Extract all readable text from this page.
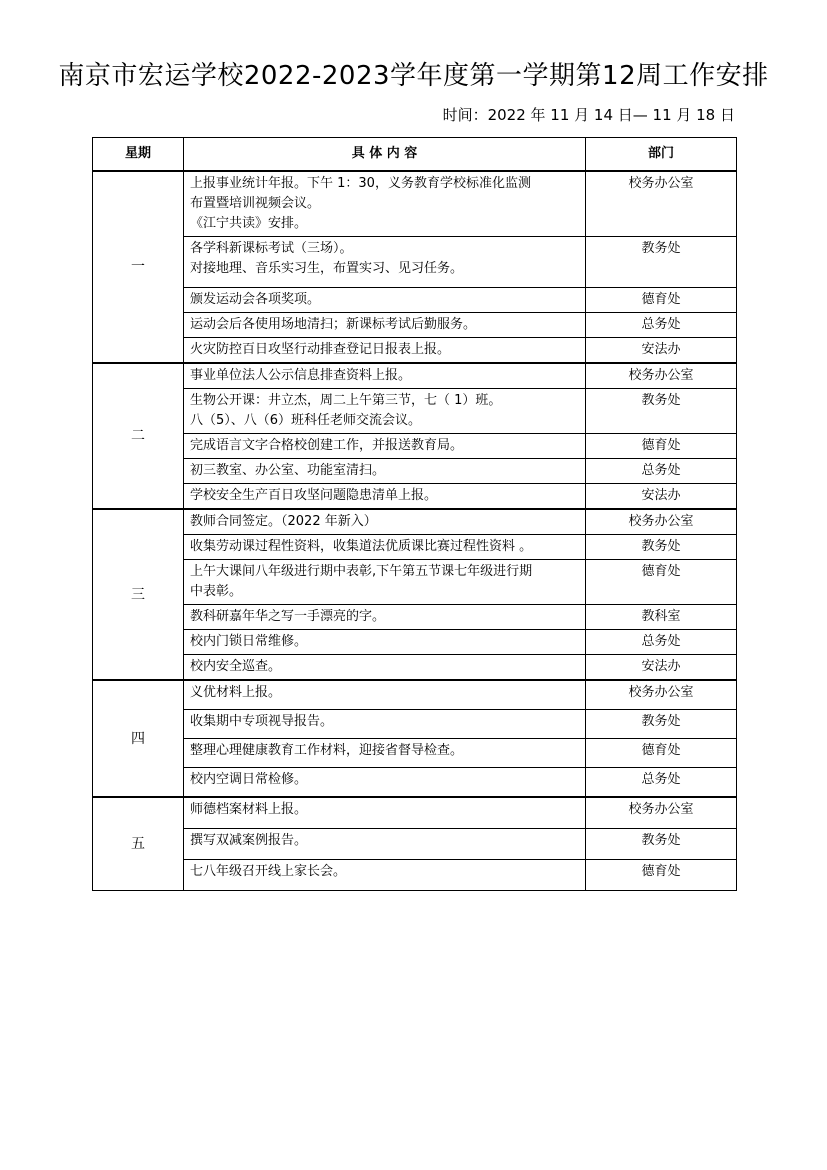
南京市宏运学校2022-2023学年度第一学期第12周工作安排
时间：2022 年 11 月 14 日— 11 月 18 日
星期	具 体 内 容	部门
一	上报事业统计年报。下午 1：30，义务教育学校标准化监测
布置暨培训视频会议。
《江宁共读》安排。	校务办公室

	各学科新课标考试（三场）。
对接地理、音乐实习生，布置实习、见习任务。	教务处

	颁发运动会各项奖项。	德育处

	运动会后各使用场地清扫；新课标考试后勤服务。	总务处

	火灾防控百日攻坚行动排查登记日报表上报。	安法办
二	事业单位法人公示信息排查资料上报。	校务办公室

	生物公开课：井立杰，周二上午第三节，七（ 1）班。
八（5）、八（6）班科任老师交流会议。	教务处

	完成语言文字合格校创建工作，并报送教育局。	德育处

	初三教室、办公室、功能室清扫。	总务处

	学校安全生产百日攻坚问题隐患清单上报。	安法办
三	教师合同签定。（2022 年新入）	校务办公室

	收集劳动课过程性资料，收集道法优质课比赛过程性资料 。	教务处

	上午大课间八年级进行期中表彰,下午第五节课七年级进行期
中表彰。	德育处

	教科研嘉年华之写一手漂亮的字。	教科室

	校内门锁日常维修。	总务处

	校内安全巡查。	安法办
四	义优材料上报。	校务办公室

	收集期中专项视导报告。	教务处

	整理心理健康教育工作材料，迎接省督导检查。	德育处

	校内空调日常检修。	总务处
五	师德档案材料上报。	校务办公室

	撰写双减案例报告。	教务处

	七八年级召开线上家长会。	德育处
